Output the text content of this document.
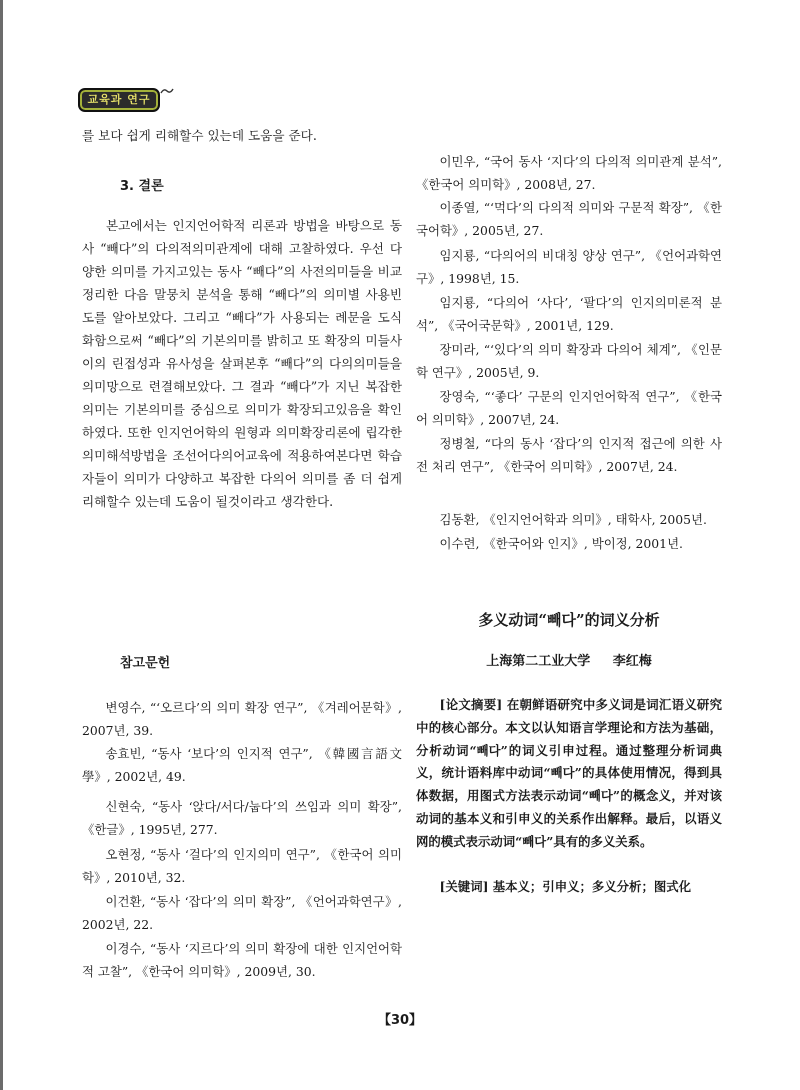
교육과 연구

를 보다 쉽게 리해할수 있는데 도움을 준다.

3. 결론

본고에서는 인지언어학적 리론과 방법을 바탕으로 동사 “빼다”의 다의적의미관계에 대해 고찰하였다. 우선 다양한 의미를 가지고있는 동사 “빼다”의 사전의미들을 비교정리한 다음 말뭉치 분석을 통해 “빼다”의 의미별 사용빈도를 알아보았다. 그리고 “빼다”가 사용되는 례문을 도식화함으로써 “빼다”의 기본의미를 밝히고 또 확장의 미들사이의 린접성과 유사성을 살펴본후 “빼다”의 다의의미들을 의미망으로 련결해보았다. 그 결과 “빼다”가 지닌 복잡한 의미는 기본의미를 중심으로 의미가 확장되고있음을 확인하였다. 또한 인지언어학의 원형과 의미확장리론에 립각한 의미해석방법을 조선어다의어교육에 적용하여본다면 학습자들이 의미가 다양하고 복잡한 다의어 의미를 좀 더 쉽게 리해할수 있는데 도움이 될것이라고 생각한다.

참고문헌

변영수, “‘오르다’의 의미 확장 연구”, 《겨레어문학》, 2007년, 39.

송효빈, “동사 ‘보다’의 인지적 연구”, 《韓國言語文學》, 2002년, 49.

신현숙, “동사 ‘앉다/서다/눕다’의 쓰임과 의미 확장”, 《한글》, 1995년, 277.

오현정, “동사 ‘걸다’의 인지의미 연구”, 《한국어 의미학》, 2010년, 32.

이건환, “동사 ‘잡다’의 의미 확장”, 《언어과학연구》, 2002년, 22.

이경수, “동사 ‘지르다’의 의미 확장에 대한 인지언어학적 고찰”, 《한국어 의미학》, 2009년, 30.

이민우, “국어 동사 ‘지다’의 다의적 의미관계 분석”, 《한국어 의미학》, 2008년, 27.

이종열, “‘먹다’의 다의적 의미와 구문적 확장”, 《한국어학》, 2005년, 27.

임지룡, “다의어의 비대칭 양상 연구”, 《언어과학연구》, 1998년, 15.

임지룡, “다의어 ‘사다’, ‘팔다’의 인지의미론적 분석”, 《국어국문학》, 2001년, 129.

장미라, “‘있다’의 의미 확장과 다의어 체계”, 《인문학 연구》, 2005년, 9.

장영숙, “‘좋다’ 구문의 인지언어학적 연구”, 《한국어 의미학》, 2007년, 24.

정병철, “다의 동사 ‘잡다’의 인지적 접근에 의한 사전 처리 연구”, 《한국어 의미학》, 2007년, 24.

김동환, 《인지언어학과 의미》, 태학사, 2005년.

이수련, 《한국어와 인지》, 박이정, 2001년.

多义动词“빼다”的词义分析

上海第二工业大学 李红梅

[论文摘要] 在朝鲜语研究中多义词是词汇语义研究中的核心部分。本文以认知语言学理论和方法为基础，分析动词“빼다”的词义引申过程。通过整理分析词典义，统计语料库中动词“빼다”的具体使用情况，得到具体数据，用图式方法表示动词“빼다”的概念义，并对该动词的基本义和引申义的关系作出解释。最后，以语义网的模式表示动词“빼다”具有的多义关系。

[关键词] 基本义；引申义；多义分析；图式化

【30】
